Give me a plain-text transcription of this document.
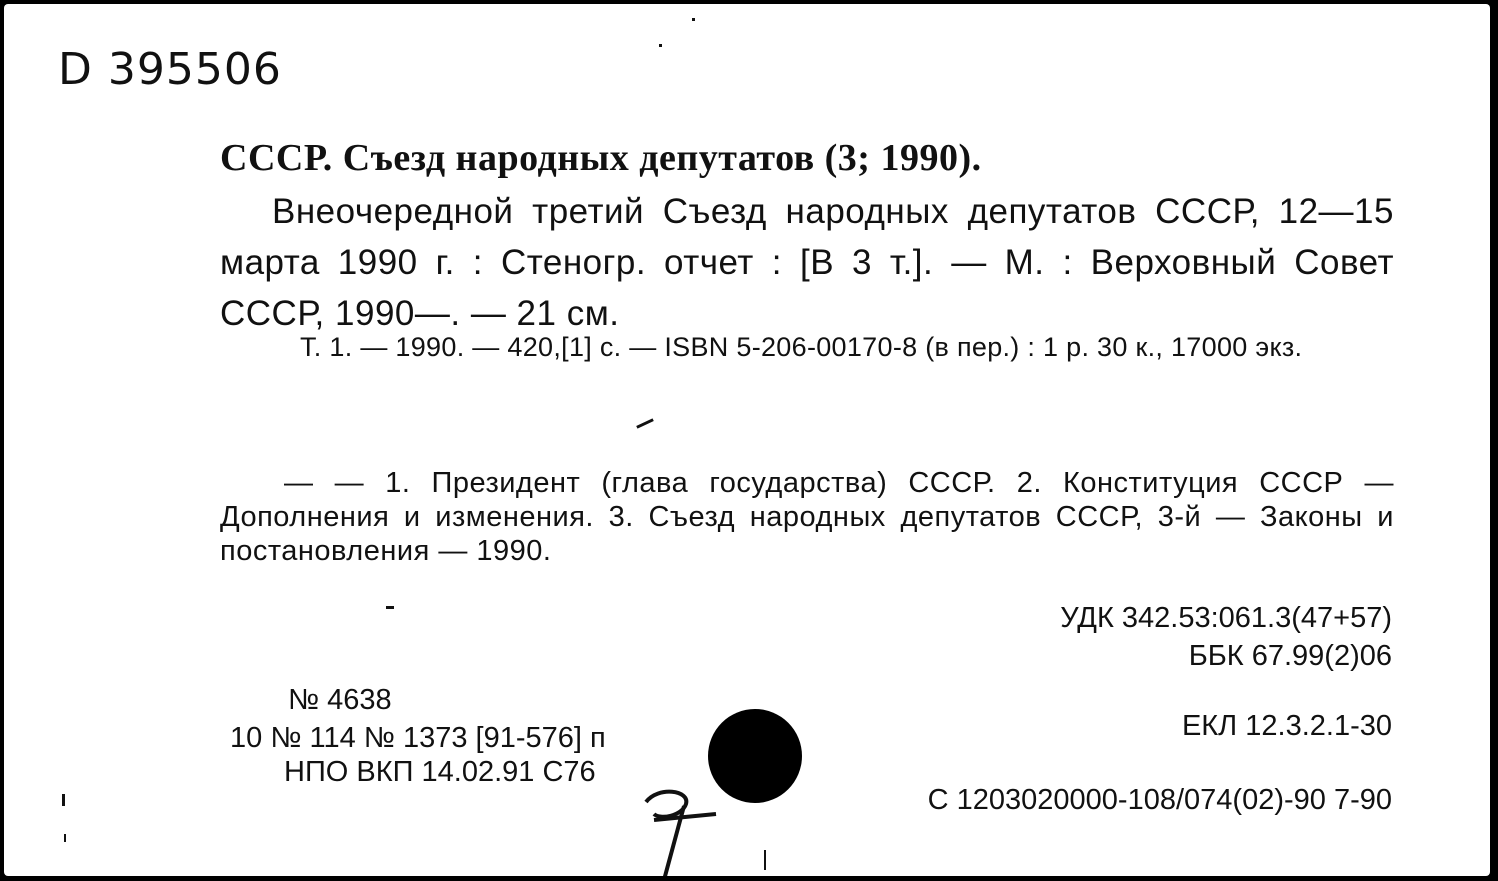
D 395506
СССР. Съезд народных депутатов (3; 1990).
Внеочередной третий Съезд народных депутатов СССР, 12—15 марта 1990 г. : Стеногр. отчет : [В 3 т.]. — М. : Верховный Совет СССР, 1990—. — 21 см.
Т. 1. — 1990. — 420,[1] с. — ISBN 5-206-00170-8 (в пер.) : 1 р. 30 к., 17000 экз.
— — 1. Президент (глава государства) СССР. 2. Конституция СССР — Дополнения и изменения. 3. Съезд народных депутатов СССР, 3-й — Законы и постановления — 1990.
УДК 342.53:061.3(47+57)
ББК 67.99(2)06
ЕКЛ 12.3.2.1-30
С 1203020000-108/074(02)-90 7-90
№ 4638
10 № 114 № 1373 [91-576] п
НПО ВКП 14.02.91 С76
